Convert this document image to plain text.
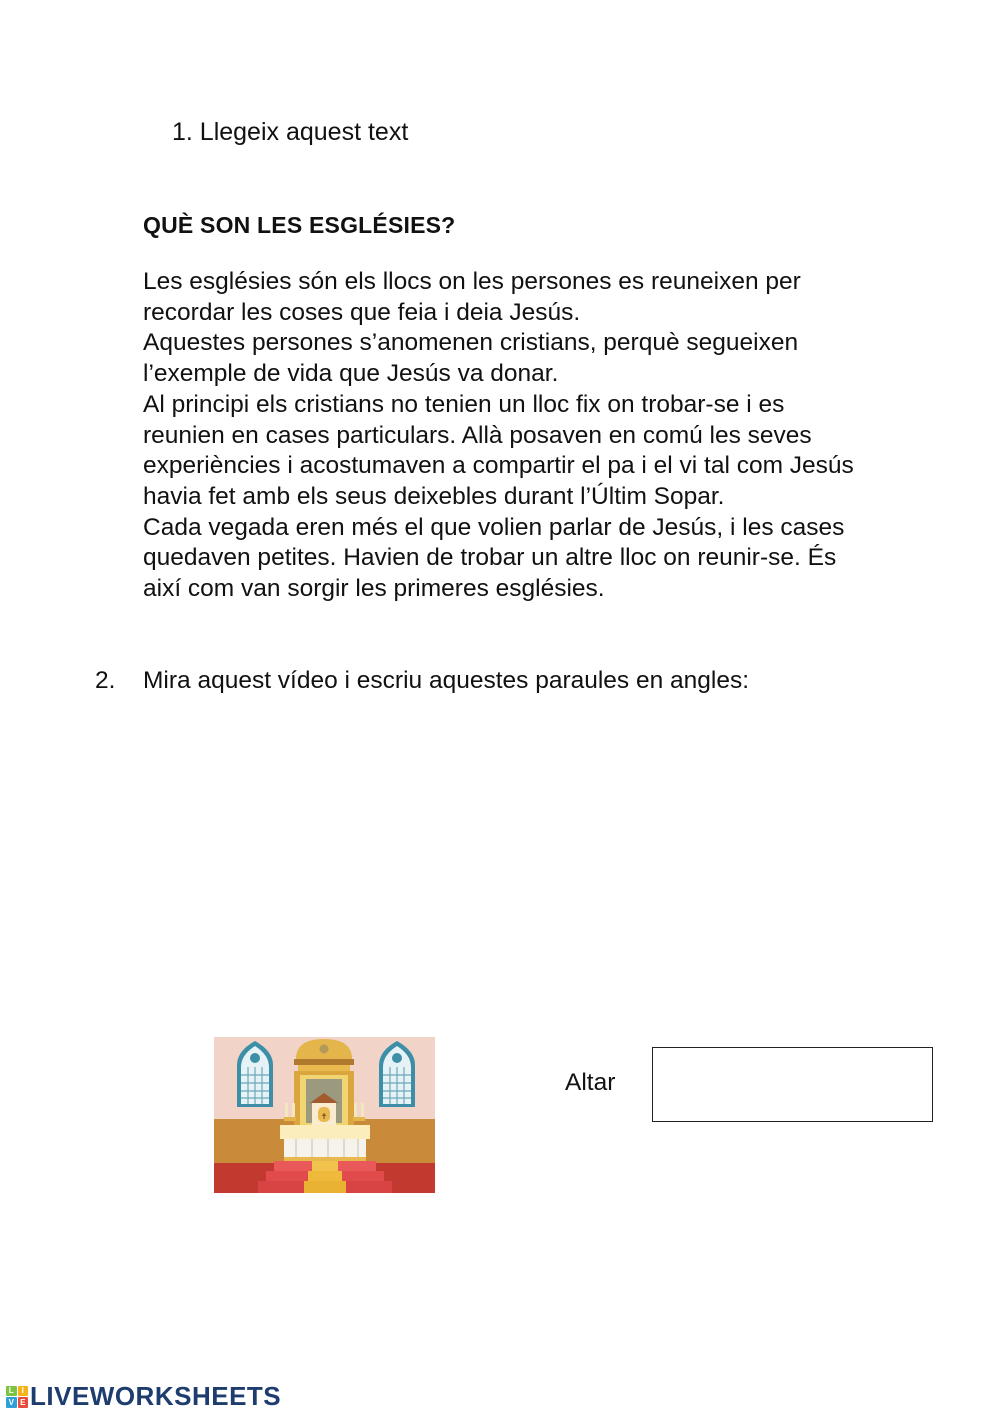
1. Llegeix aquest text
QUÈ SON LES ESGLÉSIES?

Les esglésies són els llocs on les persones es reuneixen per recordar les coses que feia i deia Jesús.

Aquestes persones s’anomenen cristians, perquè segueixen l’exemple de vida que Jesús va donar.

Al principi els cristians no tenien un lloc fix on trobar-se i es reunien en cases particulars. Allà posaven en comú les seves experiències i acostumaven a compartir el pa i el vi tal com Jesús havia fet amb els seus deixebles durant l’Últim Sopar.

Cada vegada eren més el que volien parlar de Jesús, i les cases quedaven petites. Havien de trobar un altre lloc on reunir-se. És així com van sorgir les primeres esglésies.

2. Mira aquest vídeo i escriu aquestes paraules en angles:
✝
Altar
L I
V E LIVEWORKSHEETS
